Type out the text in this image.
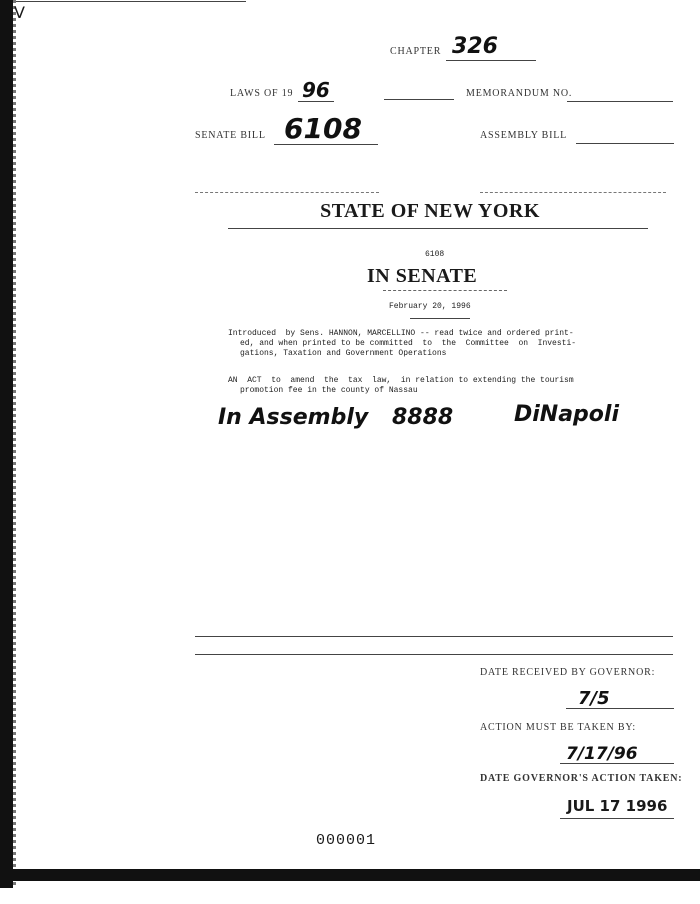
V
CHAPTER 326
LAWS OF 19 96	MEMORANDUM NO.
SENATE BILL 6108	ASSEMBLY BILL
STATE OF NEW YORK
6108
IN SENATE
February 20, 1996
Introduced  by Sens. HANNON, MARCELLINO -- read twice and ordered print-
ed, and when printed to be committed  to  the  Committee  on  Investi-
gations, Taxation and Government Operations
AN  ACT  to  amend  the  tax  law,  in relation to extending the tourism
promotion fee in the county of Nassau
In Assembly 8888	DiNapoli
DATE RECEIVED BY GOVERNOR:
7/5
ACTION MUST BE TAKEN BY:
7/17/96
DATE GOVERNOR'S ACTION TAKEN:
JUL 17 1996
000001
